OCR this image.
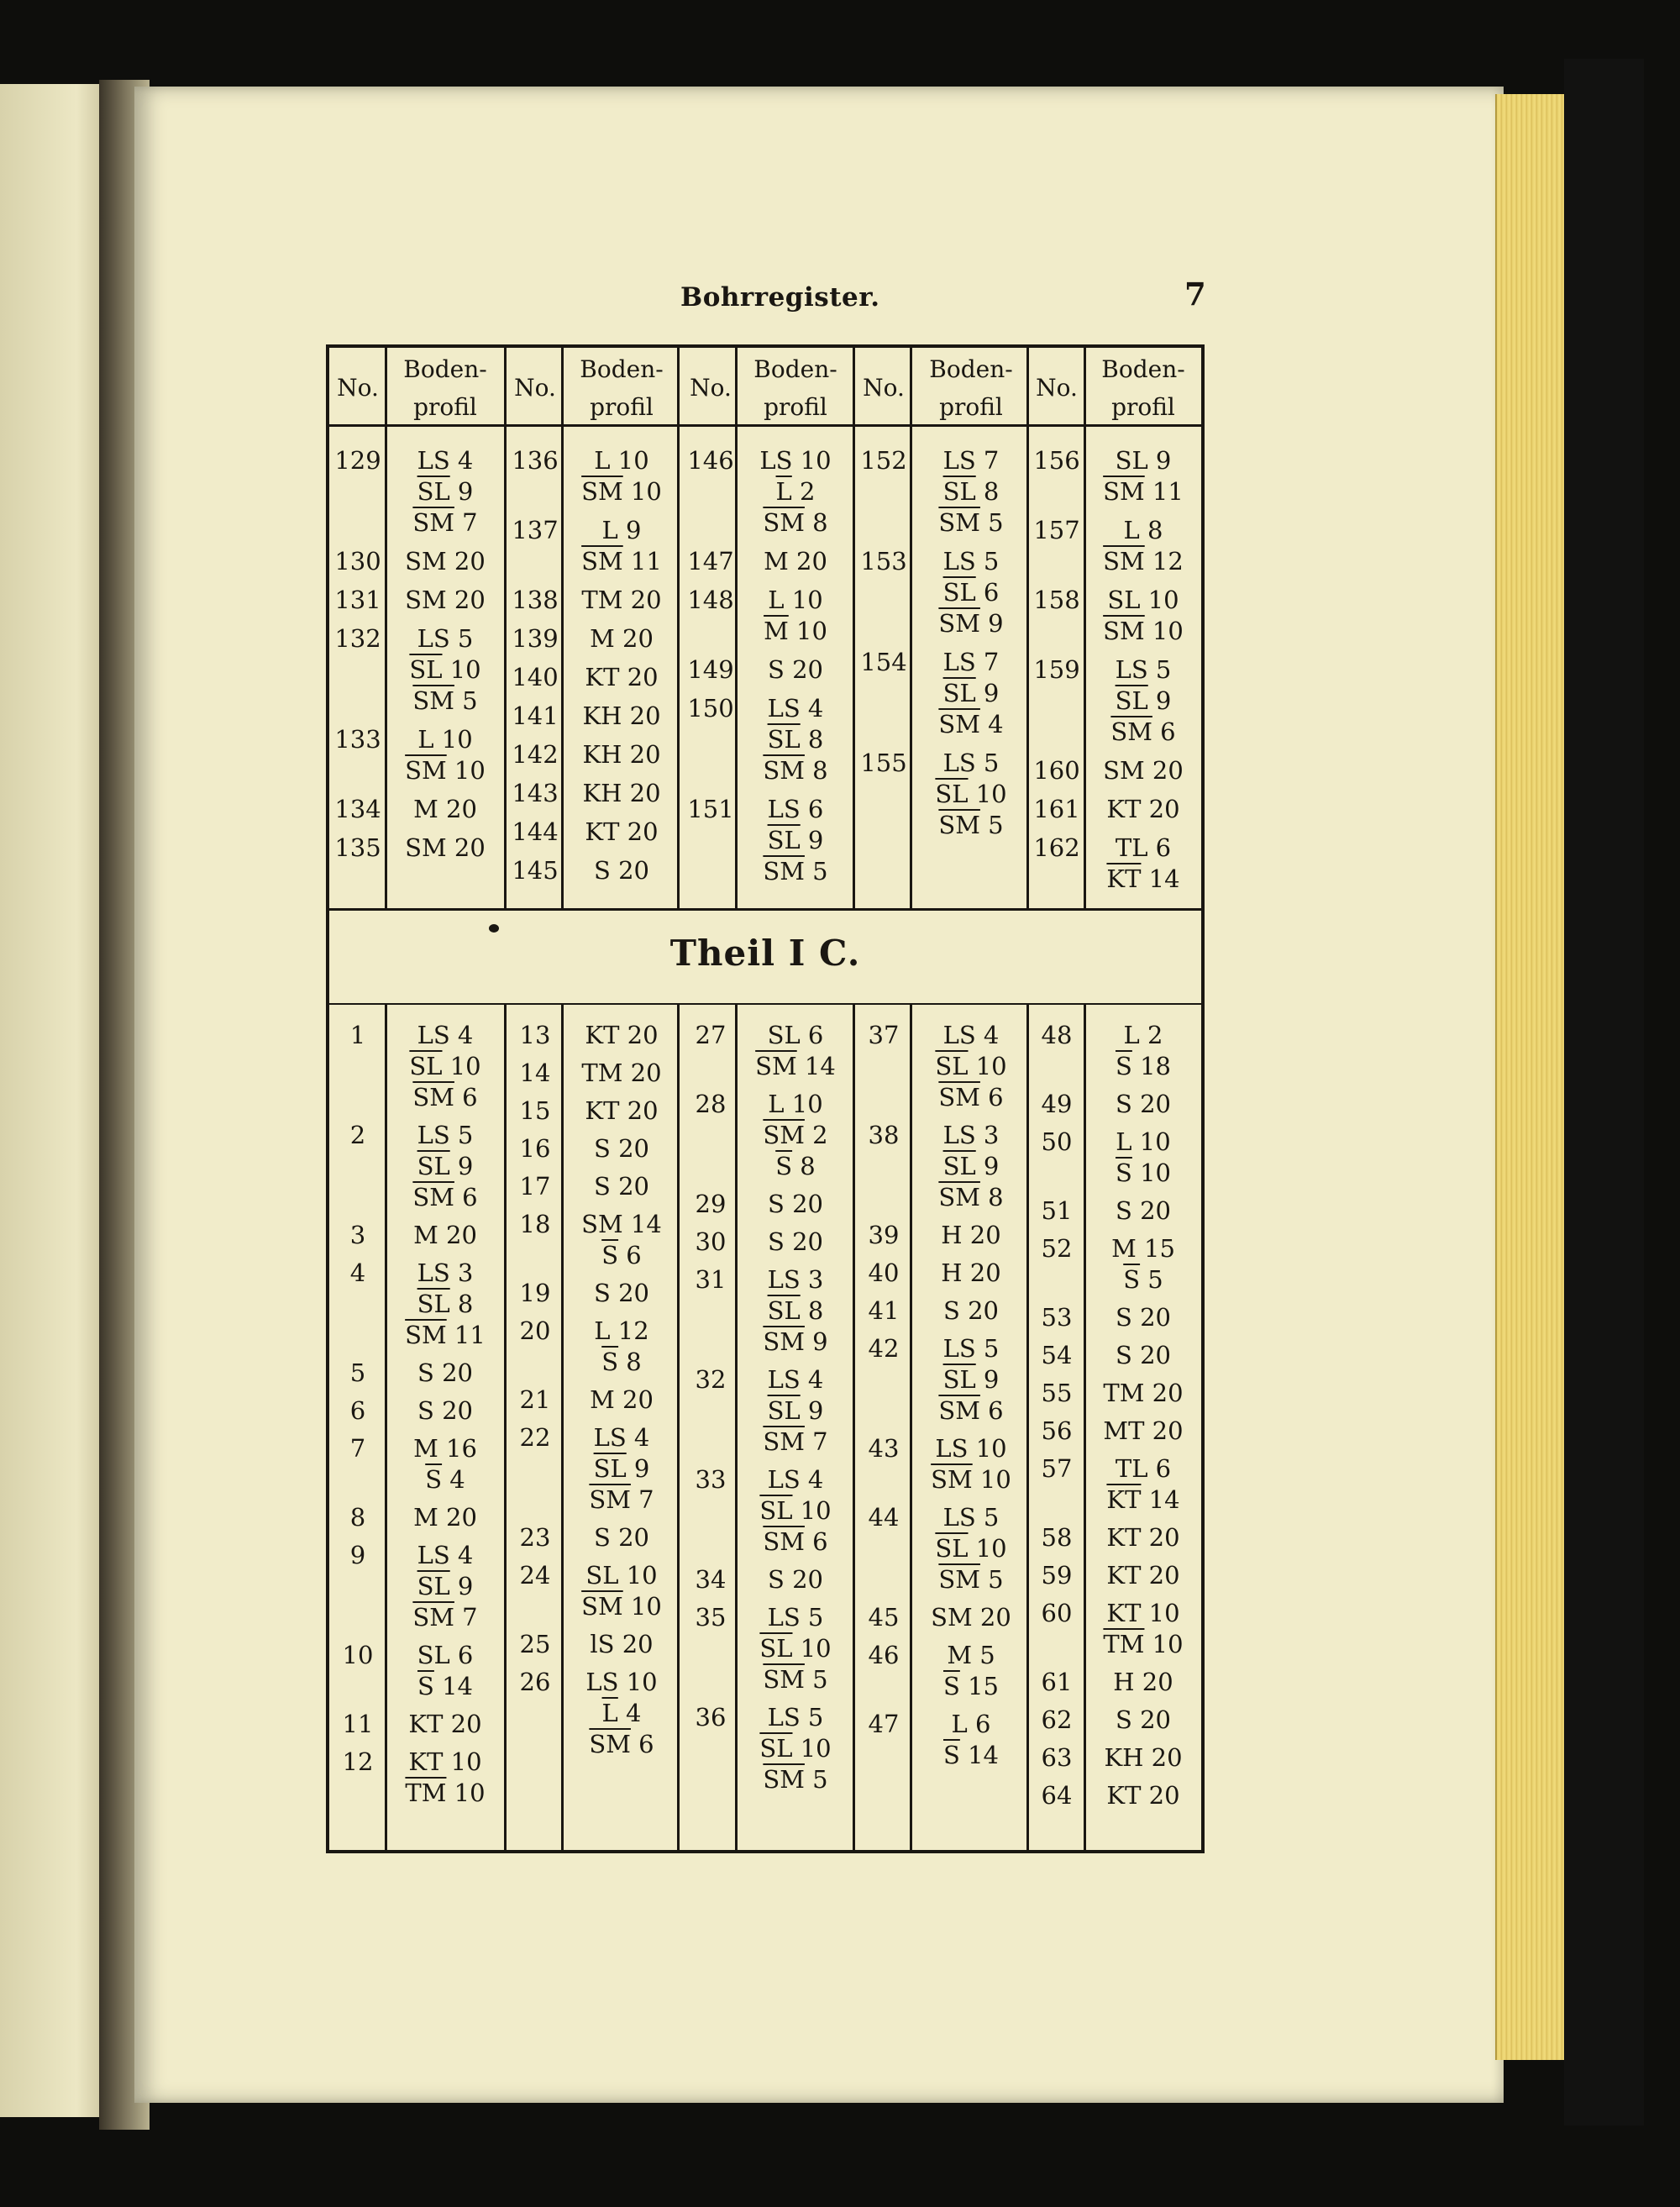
Bohrregister.	7
Theil I C.
No.
Boden-
profil
No.
Boden-
profil
No.
Boden-
profil
No.
Boden-
profil
No.
Boden-
profil
129	LS 4
$\overline{SL}$ 9
$\overline{SM}$ 7
130 SM 20
131 SM 20
132	LS 5
$\overline{SL}$ 10
$\overline{SM}$ 5
133	L 10
$\overline{SM}$ 10
134	M 20
135 SM 20
136	L 10
$\overline{SM}$ 10
137	L 9
$\overline{SM}$ 11
138 TM 20
139	M 20
140	KT 20
141 KH 20
142 KH 20
143 KH 20
144	KT 20
145	S 20
146	LS 10
$\overline{L}$ 2
$\overline{SM}$ 8
147	M 20
148	L 10
$\overline{M}$ 10
149	S 20
150	LS 4
$\overline{SL}$ 8
$\overline{SM}$ 8
151	LS 6
$\overline{SL}$ 9
$\overline{SM}$ 5
152	LS 7
$\overline{SL}$ 8
$\overline{SM}$ 5
153	LS 5
$\overline{SL}$ 6
$\overline{SM}$ 9
154	LS 7
$\overline{SL}$ 9
$\overline{SM}$ 4
155	LS 5
$\overline{SL}$ 10
$\overline{SM}$ 5
156	SL 9
$\overline{SM}$ 11
157	L 8
$\overline{SM}$ 12
158	SL 10
$\overline{SM}$ 10
159	LS 5
$\overline{SL}$ 9
$\overline{SM}$ 6
160 SM 20
161	KT 20
162	TL 6
$\overline{KT}$ 14
1	LS 4
$\overline{SL}$ 10
$\overline{SM}$ 6
2	LS 5
$\overline{SL}$ 9
$\overline{SM}$ 6
3	M 20
4	LS 3
$\overline{SL}$ 8
$\overline{SM}$ 11
5	S 20
6	S 20
7	M 16
$\overline{S}$ 4
8	M 20
9	LS 4
$\overline{SL}$ 9
$\overline{SM}$ 7
10	SL 6
$\overline{S}$ 14
11	KT 20
12	KT 10
$\overline{TM}$ 10
13	KT 20
14	TM 20
15	KT 20
16	S 20
17	S 20
18	SM 14
$\overline{S}$ 6
19	S 20
20	L 12
$\overline{S}$ 8
21	M 20
22	LS 4
$\overline{SL}$ 9
$\overline{SM}$ 7
23	S 20
24	SL 10
$\overline{SM}$ 10
25	lS 20
26	LS 10
$\overline{L}$ 4
$\overline{SM}$ 6
27	SL 6
$\overline{SM}$ 14
28	L 10
$\overline{SM}$ 2
$\overline{S}$ 8
29	S 20
30	S 20
31	LS 3
$\overline{SL}$ 8
$\overline{SM}$ 9
32	LS 4
$\overline{SL}$ 9
$\overline{SM}$ 7
33	LS 4
$\overline{SL}$ 10
$\overline{SM}$ 6
34	S 20
35	LS 5
$\overline{SL}$ 10
$\overline{SM}$ 5
36	LS 5
$\overline{SL}$ 10
$\overline{SM}$ 5
37	LS 4
$\overline{SL}$ 10
$\overline{SM}$ 6
38	LS 3
$\overline{SL}$ 9
$\overline{SM}$ 8
39	H 20
40	H 20
41	S 20
42	LS 5
$\overline{SL}$ 9
$\overline{SM}$ 6
43	LS 10
$\overline{SM}$ 10
44	LS 5
$\overline{SL}$ 10
$\overline{SM}$ 5
45	SM 20
46	M 5
$\overline{S}$ 15
47	L 6
$\overline{S}$ 14
48	L 2
$\overline{S}$ 18
49	S 20
50	L 10
$\overline{S}$ 10
51	S 20
52	M 15
$\overline{S}$ 5
53	S 20
54	S 20
55	TM 20
56	MT 20
57	TL 6
$\overline{KT}$ 14
58	KT 20
59	KT 20
60	KT 10
$\overline{TM}$ 10
61	H 20
62	S 20
63	KH 20
64	KT 20
